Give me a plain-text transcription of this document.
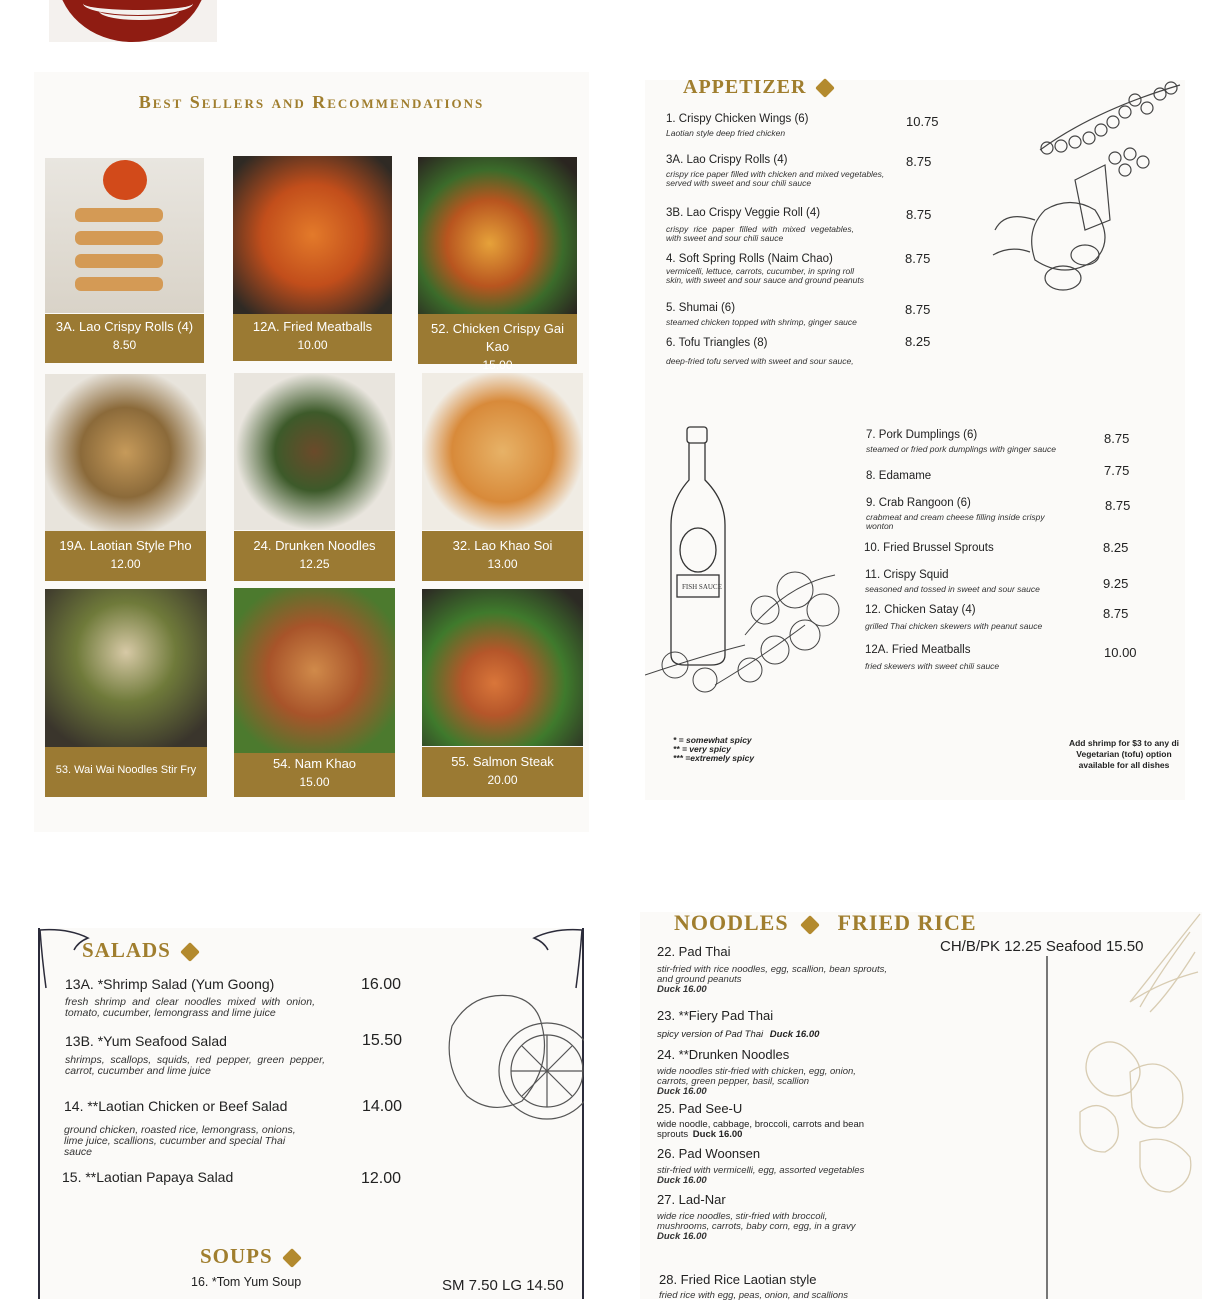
Best Sellers and Recommendations
3A. Lao Crispy Rolls (4)
8.50
12A. Fried Meatballs
10.00
52. Chicken Crispy Gai Kao
15.00
19A. Laotian Style Pho
12.00
24. Drunken Noodles
12.25
32. Lao Khao Soi
13.00
53. Wai Wai Noodles Stir Fry	54. Nam Khao
15.00
55. Salmon Steak
20.00
APPETIZER
1. Crispy Chicken Wings (6)
Laotian style deep fried chicken
10.75
3A. Lao Crispy Rolls (4)
crispy rice paper filled with chicken and mixed vegetables, served with sweet and sour chili sauce
8.75
3B. Lao Crispy Veggie Roll (4)
crispy rice paper filled with mixed vegetables, with sweet and sour chili sauce
8.75
4. Soft Spring Rolls (Naim Chao)
vermicelli, lettuce, carrots, cucumber, in spring roll skin, with sweet and sour sauce and ground peanuts
8.75
5. Shumai (6)
steamed chicken topped with shrimp, ginger sauce
8.75
6. Tofu Triangles (8)
deep-fried tofu served with sweet and sour sauce,
8.25
7. Pork Dumplings (6)
steamed or fried pork dumplings with ginger sauce
8.75
8. Edamame	7.75
9. Crab Rangoon (6)
crabmeat and cream cheese filling inside crispy wonton
8.75
10. Fried Brussel Sprouts	8.25
11. Crispy Squid
seasoned and tossed in sweet and sour sauce	9.25
12. Chicken Satay (4)
grilled Thai chicken skewers with peanut sauce
8.75
12A. Fried Meatballs
fried skewers with sweet chili sauce
10.00
FISH SAUCE
* = somewhat spicy
** = very spicy
*** =extremely spicy
Add shrimp for $3 to any di
Vegetarian (tofu) option
available for all dishes
SALADS
13A. *Shrimp Salad (Yum Goong)
fresh shrimp and clear noodles mixed with onion, tomato, cucumber, lemongrass and lime juice
16.00
13B. *Yum Seafood Salad
shrimps, scallops, squids, red pepper, green pepper, carrot, cucumber and lime juice
15.50
14. **Laotian Chicken or Beef Salad
ground chicken, roasted rice, lemongrass, onions, lime juice, scallions, cucumber and special Thai sauce
14.00
15. **Laotian Papaya Salad	12.00
SOUPS
16. *Tom Yum Soup	SM 7.50 LG 14.50
NOODLES FRIED RICE
CH/B/PK 12.25 Seafood 15.50
22. Pad Thai
stir-fried with rice noodles, egg, scallion, bean sprouts, and ground peanuts
Duck 16.00
23. **Fiery Pad Thai
spicy version of Pad Thai Duck 16.00
24. **Drunken Noodles
wide noodles stir-fried with chicken, egg, onion, carrots, green pepper, basil, scallion
Duck 16.00
25. Pad See-U
wide noodle, cabbage, broccoli, carrots and bean sprouts Duck 16.00
26. Pad Woonsen
stir-fried with vermicelli, egg, assorted vegetables
Duck 16.00
27. Lad-Nar
wide rice noodles, stir-fried with broccoli, mushrooms, carrots, baby corn, egg, in a gravy
Duck 16.00
28. Fried Rice Laotian style
fried rice with egg, peas, onion, and scallions
